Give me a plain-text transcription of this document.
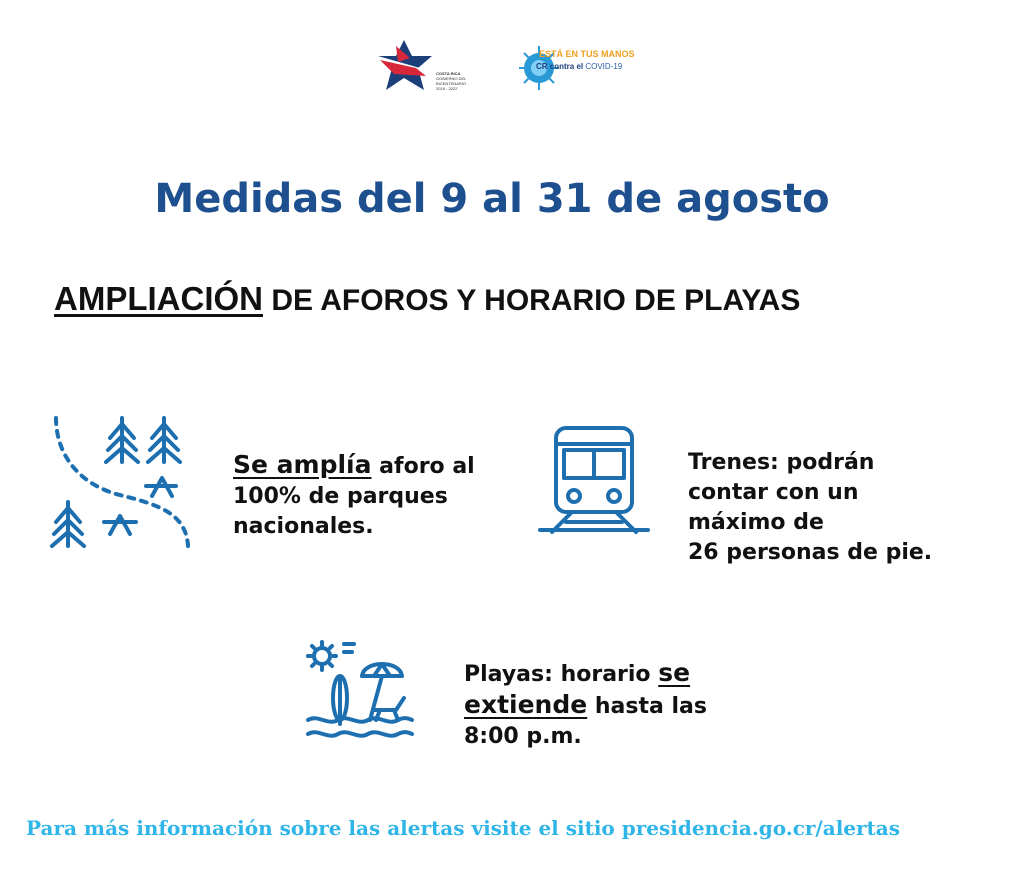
COSTA RICA
GOBIERNO DEL BICENTENARIO
2018 - 2022
ESTÁ EN TUS MANOS
CR contra el COVID-19
Medidas del 9 al 31 de agosto
AMPLIACIÓN DE AFOROS Y HORARIO DE PLAYAS
Se amplía aforo al
100% de parques
nacionales.
Trenes: podrán
contar con un
máximo de
26 personas de pie.
Playas: horario se
extiende hasta las
8:00 p.m.
Para más información sobre las alertas visite el sitio presidencia.go.cr/alertas
